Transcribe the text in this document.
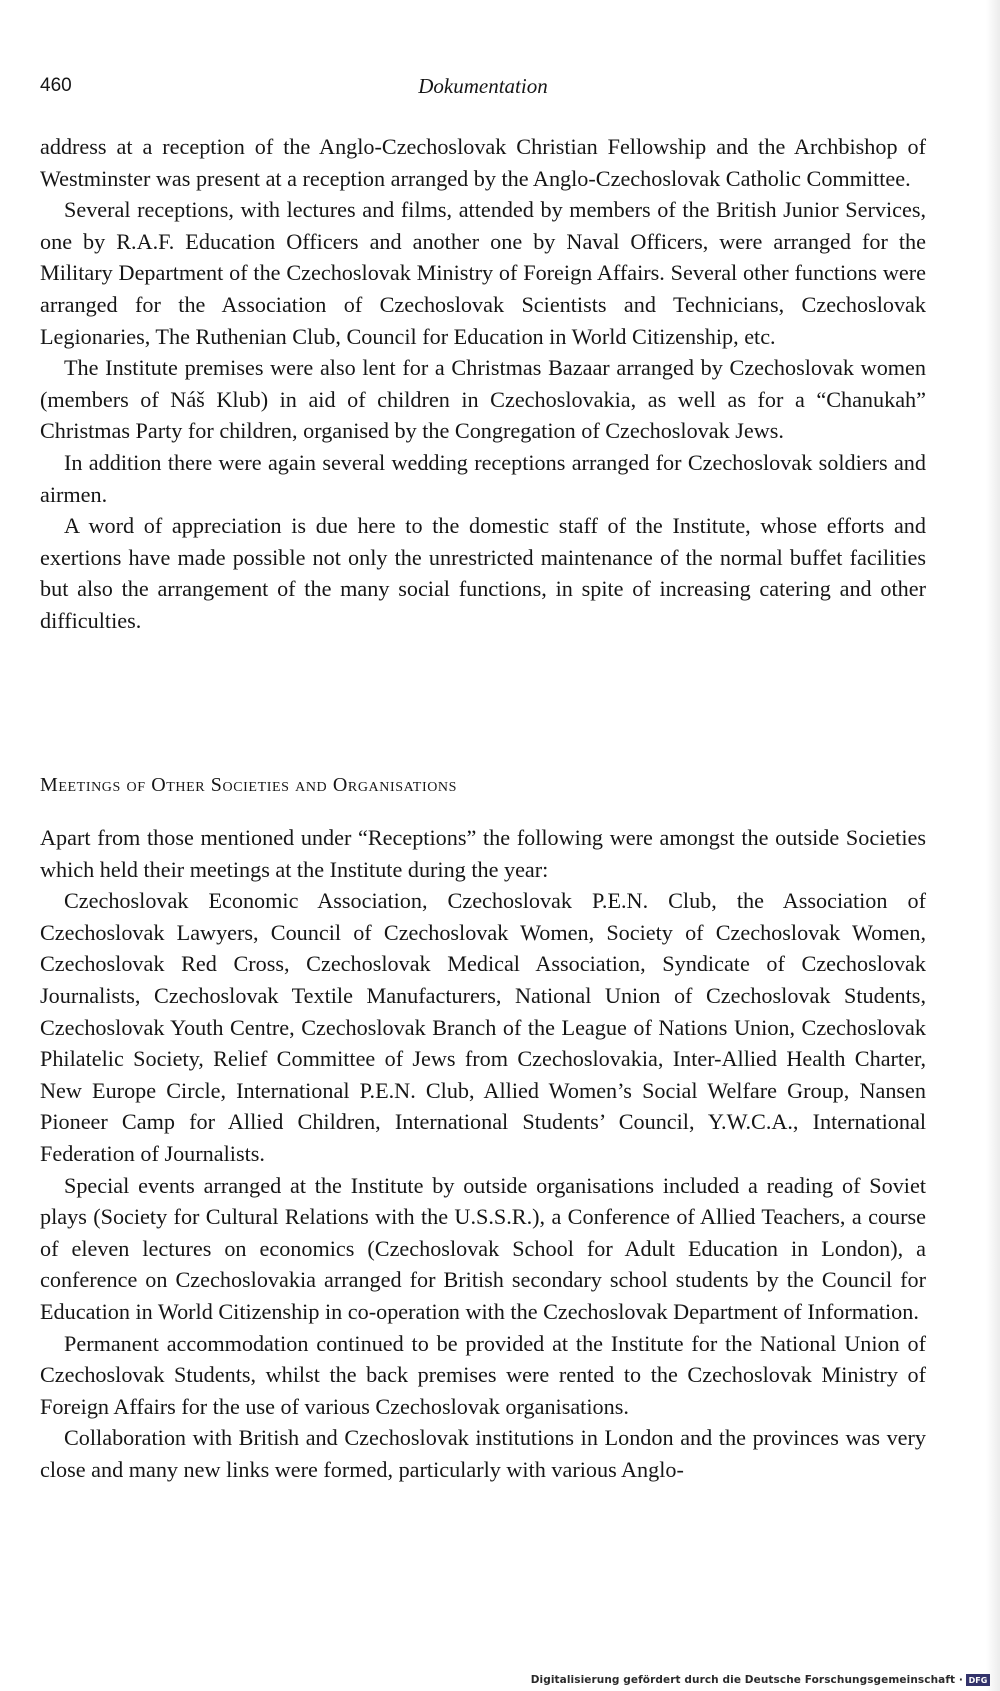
460	Dokumentation

address at a reception of the Anglo-Czechoslovak Christian Fellowship and the Archbishop of Westminster was present at a reception arranged by the Anglo-Czechoslovak Catholic Committee.

Several receptions, with lectures and films, attended by members of the British Junior Services, one by R.A.F. Education Officers and another one by Naval Officers, were arranged for the Military Department of the Czechoslovak Ministry of Foreign Affairs. Several other functions were arranged for the Association of Czechoslovak Scientists and Technicians, Czechoslovak Legionaries, The Ruthenian Club, Council for Education in World Citizenship, etc.

The Institute premises were also lent for a Christmas Bazaar arranged by Czechoslovak women (members of Náš Klub) in aid of children in Czechoslovakia, as well as for a “Chanukah” Christmas Party for children, organised by the Congregation of Czechoslovak Jews.

In addition there were again several wedding receptions arranged for Czechoslovak soldiers and airmen.

A word of appreciation is due here to the domestic staff of the Institute, whose efforts and exertions have made possible not only the unrestricted maintenance of the normal buffet facilities but also the arrangement of the many social functions, in spite of increasing catering and other difficulties.

Meetings of Other Societies and Organisations

Apart from those mentioned under “Receptions” the following were amongst the outside Societies which held their meetings at the Institute during the year:

Czechoslovak Economic Association, Czechoslovak P.E.N. Club, the Association of Czechoslovak Lawyers, Council of Czechoslovak Women, Society of Czechoslovak Women, Czechoslovak Red Cross, Czechoslovak Medical Association, Syndicate of Czechoslovak Journalists, Czechoslovak Textile Manufacturers, National Union of Czechoslovak Students, Czechoslovak Youth Centre, Czechoslovak Branch of the League of Nations Union, Czechoslovak Philatelic Society, Relief Committee of Jews from Czechoslovakia, Inter-Allied Health Charter, New Europe Circle, International P.E.N. Club, Allied Women’s Social Welfare Group, Nansen Pioneer Camp for Allied Children, International Students’ Council, Y.W.C.A., International Federation of Journalists.

Special events arranged at the Institute by outside organisations included a reading of Soviet plays (Society for Cultural Relations with the U.S.S.R.), a Conference of Allied Teachers, a course of eleven lectures on economics (Czechoslovak School for Adult Education in London), a conference on Czechoslovakia arranged for British secondary school students by the Council for Education in World Citizenship in co-operation with the Czechoslovak Department of Information.

Permanent accommodation continued to be provided at the Institute for the National Union of Czechoslovak Students, whilst the back premises were rented to the Czechoslovak Ministry of Foreign Affairs for the use of various Czechoslovak organisations.

Collaboration with British and Czechoslovak institutions in London and the provinces was very close and many new links were formed, particularly with various Anglo-

Digitalisierung gefördert durch die Deutsche Forschungsgemeinschaft · DFG
